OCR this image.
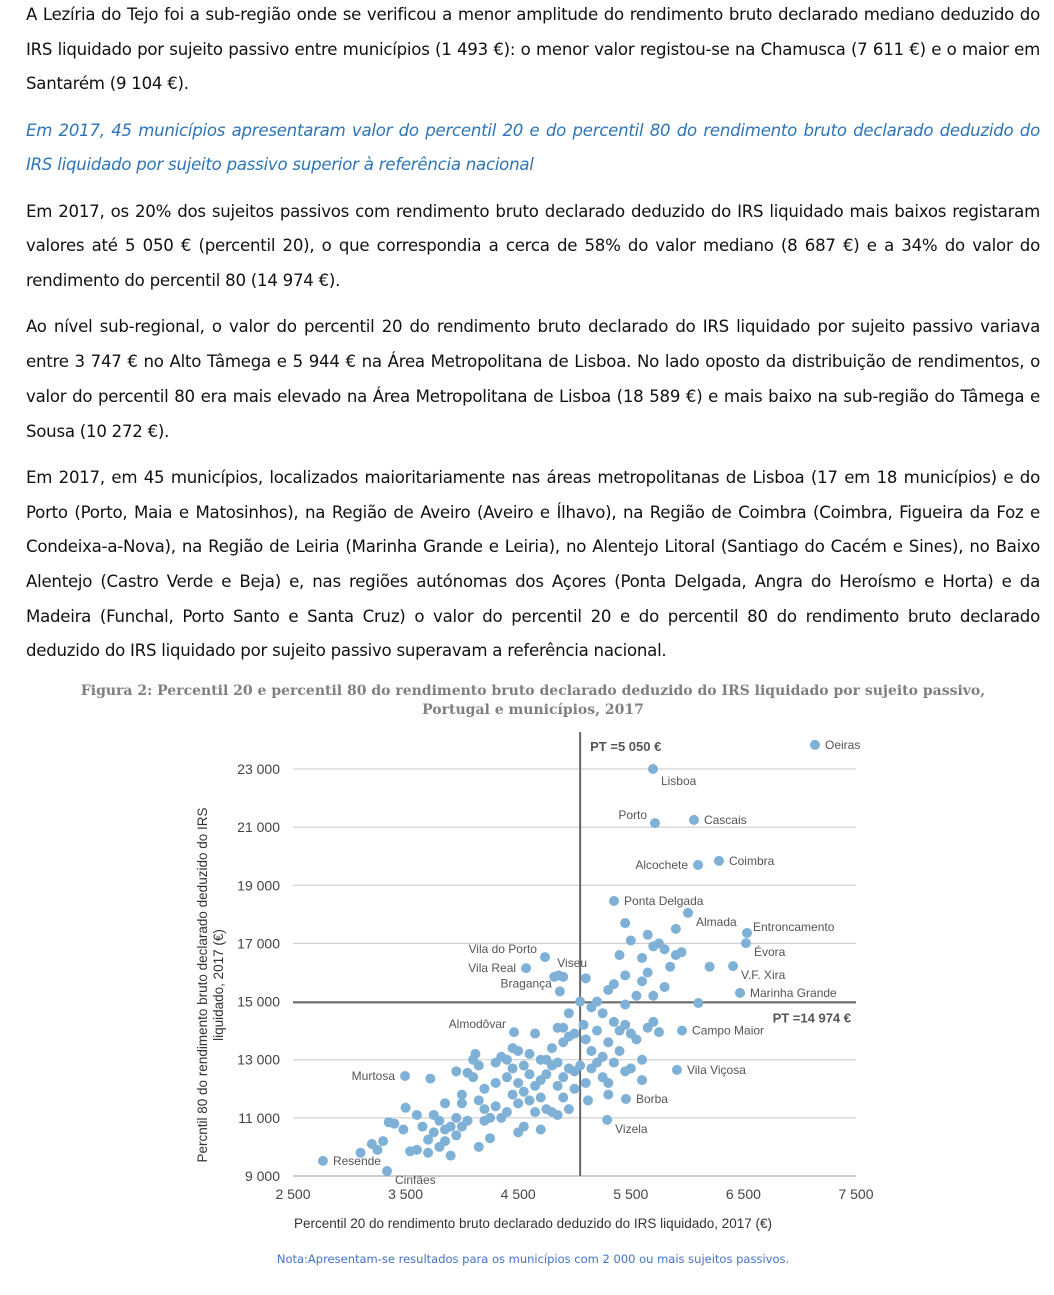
A Lezíria do Tejo foi a sub-região onde se verificou a menor amplitude do rendimento bruto declarado mediano deduzido do IRS liquidado por sujeito passivo entre municípios (1 493 €): o menor valor registou-se na Chamusca (7 611 €) e o maior em Santarém (9 104 €).

Em 2017, 45 municípios apresentaram valor do percentil 20 e do percentil 80 do rendimento bruto declarado deduzido do IRS liquidado por sujeito passivo superior à referência nacional

Em 2017, os 20% dos sujeitos passivos com rendimento bruto declarado deduzido do IRS liquidado mais baixos registaram valores até 5 050 € (percentil 20), o que correspondia a cerca de 58% do valor mediano (8 687 €) e a 34% do valor do rendimento do percentil 80 (14 974 €).

Ao nível sub-regional, o valor do percentil 20 do rendimento bruto declarado do IRS liquidado por sujeito passivo variava entre 3 747 € no Alto Tâmega e 5 944 € na Área Metropolitana de Lisboa. No lado oposto da distribuição de rendimentos, o valor do percentil 80 era mais elevado na Área Metropolitana de Lisboa (18 589 €) e mais baixo na sub-região do Tâmega e Sousa (10 272 €).

Em 2017, em 45 municípios, localizados maioritariamente nas áreas metropolitanas de Lisboa (17 em 18 municípios) e do Porto (Porto, Maia e Matosinhos), na Região de Aveiro (Aveiro e Ílhavo), na Região de Coimbra (Coimbra, Figueira da Foz e Condeixa-a-Nova), na Região de Leiria (Marinha Grande e Leiria), no Alentejo Litoral (Santiago do Cacém e Sines), no Baixo Alentejo (Castro Verde e Beja) e, nas regiões autónomas dos Açores (Ponta Delgada, Angra do Heroísmo e Horta) e da Madeira (Funchal, Porto Santo e Santa Cruz) o valor do percentil 20 e do percentil 80 do rendimento bruto declarado deduzido do IRS liquidado por sujeito passivo superavam a referência nacional.

Figura 2: Percentil 20 e percentil 80 do rendimento bruto declarado deduzido do IRS liquidado por sujeito passivo,
Portugal e municípios, 2017
PT =5 050 €
PT =14 974 €
Oeiras
Lisboa
Porto	Cascais
Alcochete	Coimbra
Ponta Delgada
Almada Entroncamento
Évora
V.F. Xira
Marinha Grande
Vila do Porto
Vila Real	Viseu
Bragança
Almodôvar	Campo Maior
Murtosa	Vila Viçosa
Borba
Vizela
Resende
Cinfães
9 000
11 000
13 000
15 000
17 000
19 000
21 000
23 000
2 500	3 500	4 500	5 500	6 500	7 500
Percentil 20 do rendimento bruto declarado deduzido do IRS liquidado, 2017 (€)
Percntil 80 do rendimento bruto declarado deduzido do IRS liquidado, 2017 (€)
Nota:Apresentam-se resultados para os municípios com 2 000 ou mais sujeitos passivos.
